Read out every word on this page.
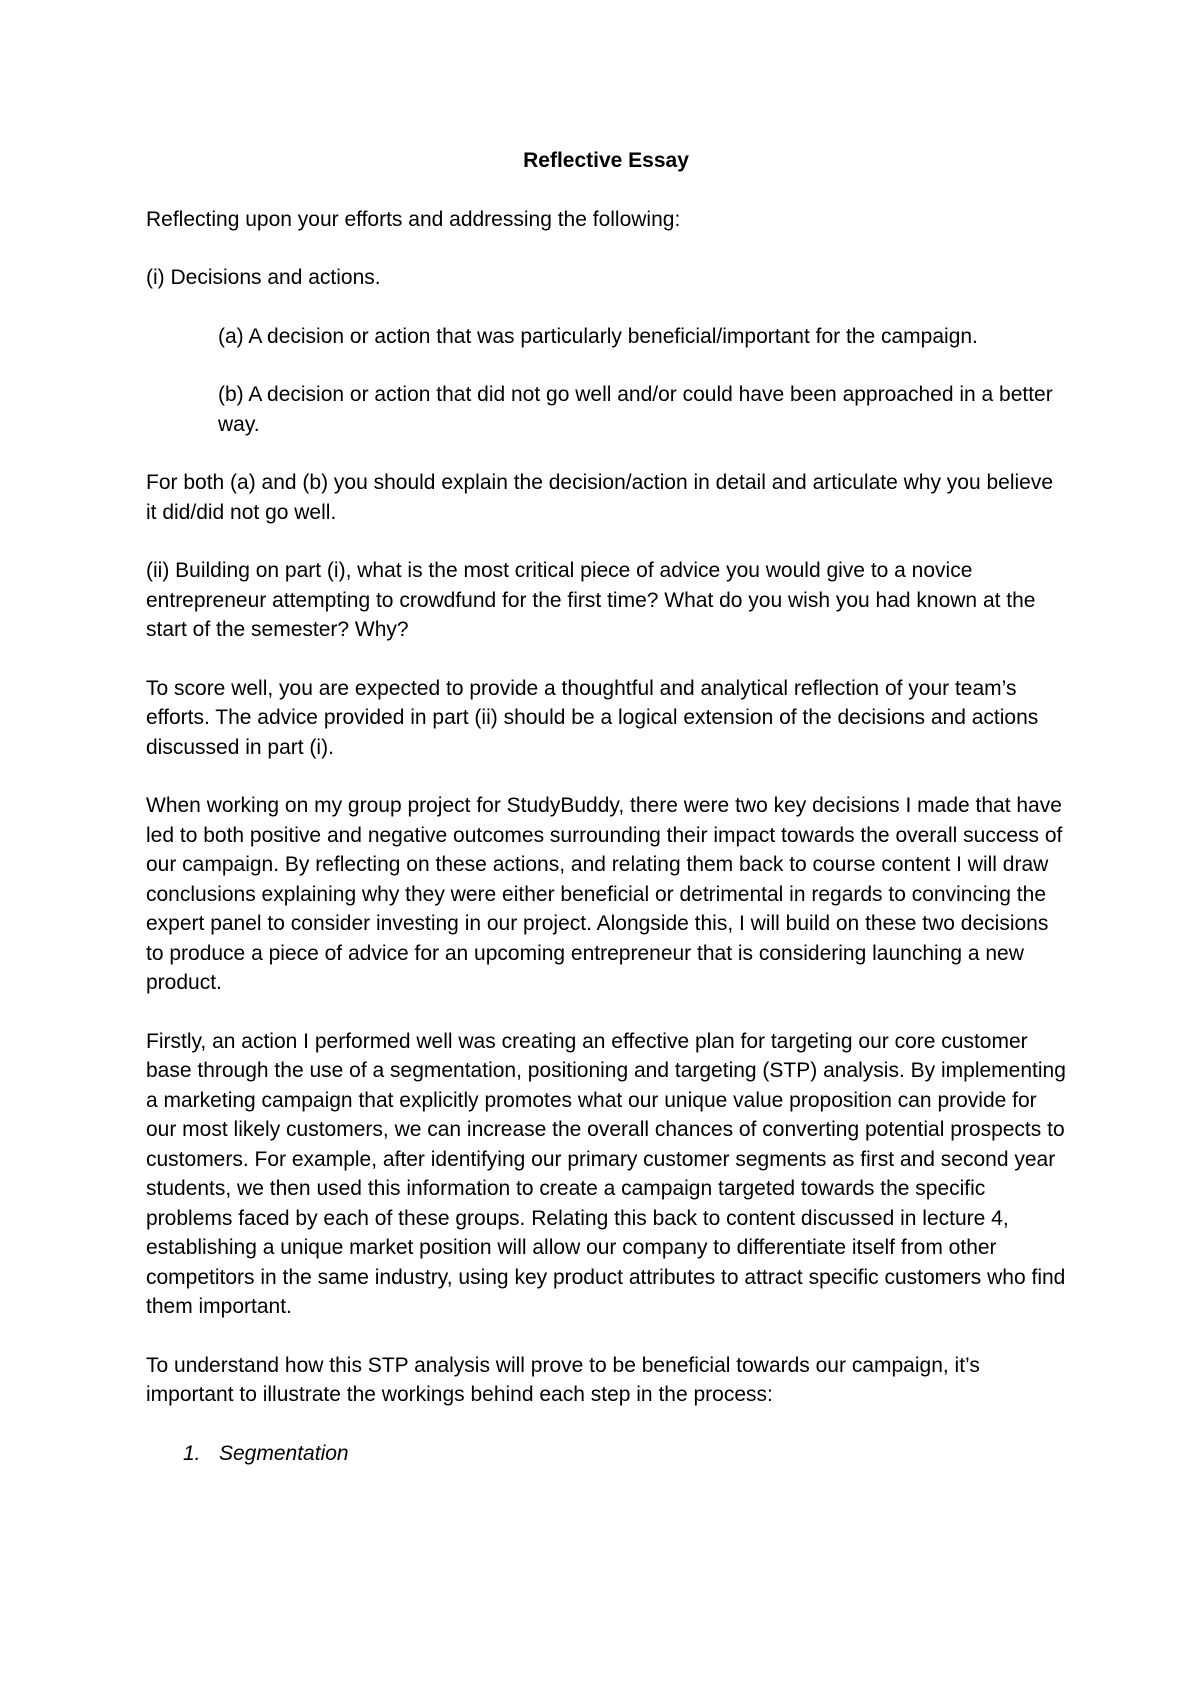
Reflective Essay

Reflecting upon your efforts and addressing the following:

(i) Decisions and actions.

(a) A decision or action that was particularly beneficial/important for the campaign.

(b) A decision or action that did not go well and/or could have been approached in a better way.

For both (a) and (b) you should explain the decision/action in detail and articulate why you believe it did/did not go well.

(ii) Building on part (i), what is the most critical piece of advice you would give to a novice entrepreneur attempting to crowdfund for the first time? What do you wish you had known at the start of the semester? Why?

To score well, you are expected to provide a thoughtful and analytical reflection of your team’s efforts. The advice provided in part (ii) should be a logical extension of the decisions and actions discussed in part (i).

When working on my group project for StudyBuddy, there were two key decisions I made that have led to both positive and negative outcomes surrounding their impact towards the overall success of our campaign. By reflecting on these actions, and relating them back to course content I will draw conclusions explaining why they were either beneficial or detrimental in regards to convincing the expert panel to consider investing in our project. Alongside this, I will build on these two decisions to produce a piece of advice for an upcoming entrepreneur that is considering launching a new product.

Firstly, an action I performed well was creating an effective plan for targeting our core customer base through the use of a segmentation, positioning and targeting (STP) analysis. By implementing a marketing campaign that explicitly promotes what our unique value proposition can provide for our most likely customers, we can increase the overall chances of converting potential prospects to customers. For example, after identifying our primary customer segments as first and second year students, we then used this information to create a campaign targeted towards the specific problems faced by each of these groups. Relating this back to content discussed in lecture 4, establishing a unique market position will allow our company to differentiate itself from other competitors in the same industry, using key product attributes to attract specific customers who find them important.

To understand how this STP analysis will prove to be beneficial towards our campaign, it’s important to illustrate the workings behind each step in the process:

1. Segmentation
